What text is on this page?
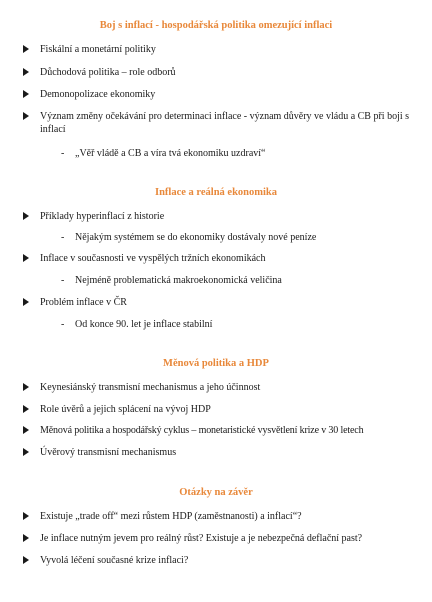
Boj s inflací - hospodářská politika omezující inflaci
Fiskální a monetární politiky
Důchodová politika – role odborů
Demonopolizace ekonomiky
Význam změny očekávání pro determinaci inflace - význam důvěry ve vládu a CB při boji s inflací
- „Věř vládě a CB a víra tvá ekonomiku uzdraví“
Inflace a reálná ekonomika
Příklady hyperinflací z historie
- Nějakým systémem se do ekonomiky dostávaly nové peníze
Inflace v současnosti ve vyspělých tržních ekonomikách
- Nejméně problematická makroekonomická veličina
Problém inflace v ČR
- Od konce 90. let je inflace stabilní
Měnová politika a HDP
Keynesiánský transmisní mechanismus a jeho účinnost
Role úvěrů a jejich splácení na vývoj HDP
Měnová politika a hospodářský cyklus – monetaristické vysvětlení krize v 30 letech
Úvěrový transmisní mechanismus
Otázky na závěr
Existuje „trade off“ mezi růstem HDP (zaměstnanosti) a inflací“?
Je inflace nutným jevem pro reálný růst? Existuje a je nebezpečná deflační past?
Vyvolá léčení současné krize inflaci?
